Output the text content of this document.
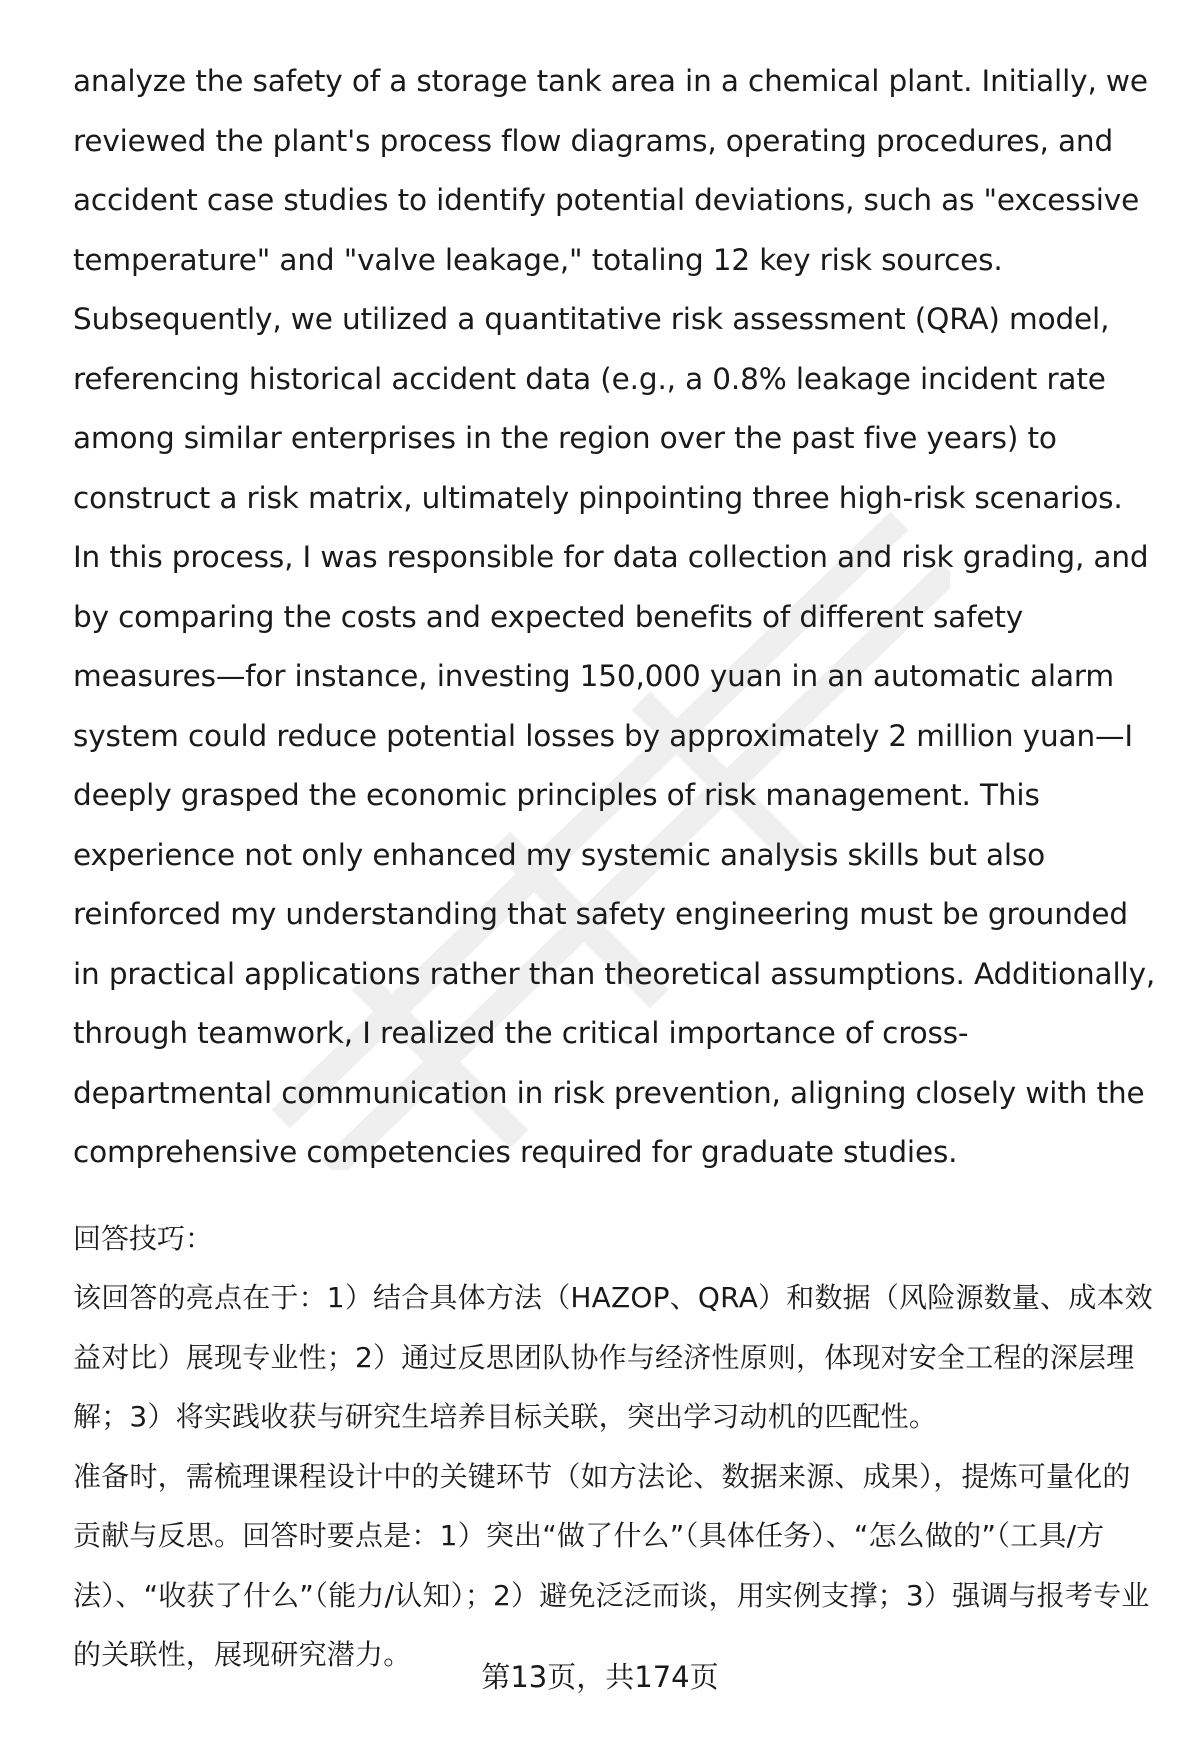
analyze the safety of a storage tank area in a chemical plant. Initially, we reviewed the plant's process flow diagrams, operating procedures, and accident case studies to identify potential deviations, such as "excessive temperature" and "valve leakage," totaling 12 key risk sources. Subsequently, we utilized a quantitative risk assessment (QRA) model, referencing historical accident data (e.g., a 0.8% leakage incident rate among similar enterprises in the region over the past five years) to construct a risk matrix, ultimately pinpointing three high-risk scenarios. In this process, I was responsible for data collection and risk grading, and by comparing the costs and expected benefits of different safety measures—for instance, investing 150,000 yuan in an automatic alarm system could reduce potential losses by approximately 2 million yuan—I deeply grasped the economic principles of risk management. This experience not only enhanced my systemic analysis skills but also reinforced my understanding that safety engineering must be grounded in practical applications rather than theoretical assumptions. Additionally, through teamwork, I realized the critical importance of cross-departmental communication in risk prevention, aligning closely with the comprehensive competencies required for graduate studies.

回答技巧：

该回答的亮点在于：1）结合具体方法（HAZOP、QRA）和数据（风险源数量、成本效益对比）展现专业性；2）通过反思团队协作与经济性原则，体现对安全工程的深层理解；3）将实践收获与研究生培养目标关联，突出学习动机的匹配性。

准备时，需梳理课程设计中的关键环节（如方法论、数据来源、成果），提炼可量化的贡献与反思。回答时要点是：1）突出“做了什么”（具体任务）、“怎么做的”（工具/方法）、“收获了什么”（能力/认知）；2）避免泛泛而谈，用实例支撑；3）强调与报考专业的关联性，展现研究潜力。

第13页，共174页
